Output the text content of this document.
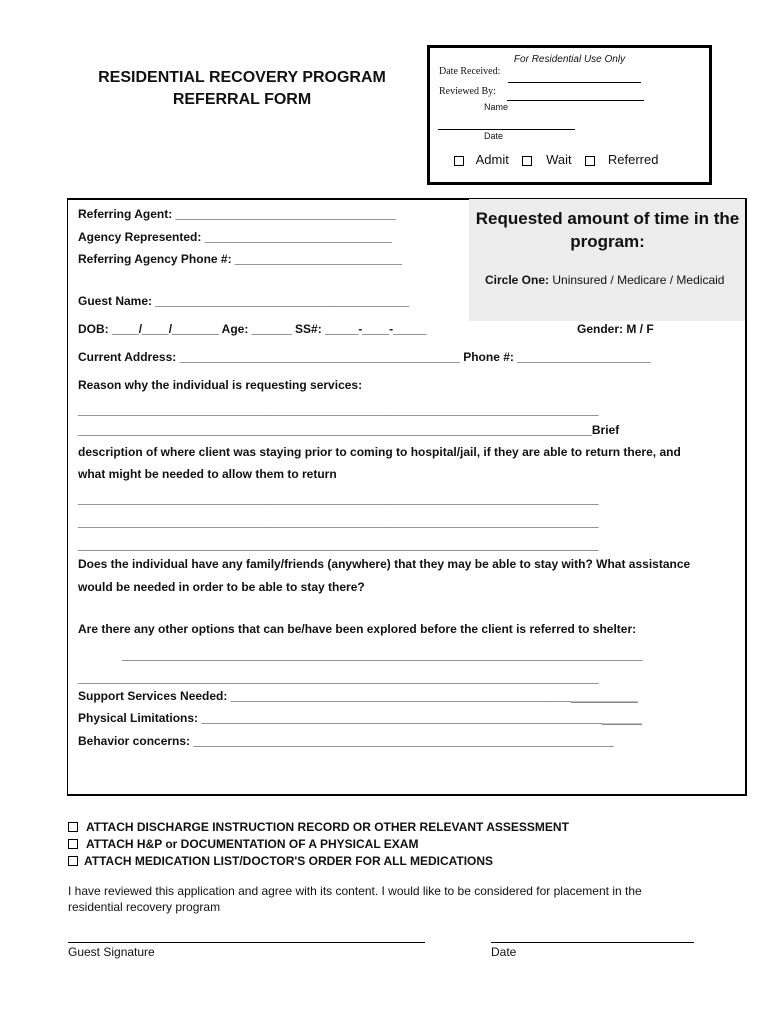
RESIDENTIAL RECOVERY PROGRAM
REFERRAL FORM
For Residential Use Only
Date Received:
Reviewed By:
Name
Date
Admit	Wait	Referred
Requested amount of time in the program:
Circle One: Uninsured / Medicare / Medicaid
Referring Agent: _________________________________
Agency Represented: ____________________________
Referring Agency Phone #: _________________________
Guest Name: ______________________________________
DOB: ____/____/_______ Age: ______ SS#: _____-____-_____	Gender: M / F
Current Address: __________________________________________ Phone #: ____________________
Reason why the individual is requesting services:
______________________________________________________________________________
_____________________________________________________________________________Brief
description of where client was staying prior to coming to hospital/jail, if they are able to return there, and
what might be needed to allow them to return
______________________________________________________________________________
______________________________________________________________________________
______________________________________________________________________________
Does the individual have any family/friends (anywhere) that they may be able to stay with? What assistance
would be needed in order to be able to stay there?
Are there any other options that can be/have been explored before the client is referred to shelter:
______________________________________________________________________________
______________________________________________________________________________
Support Services Needed: _____________________________________________________________
Physical Limitations: __________________________________________________________________
Behavior concerns: _______________________________________________________________
ATTACH DISCHARGE INSTRUCTION RECORD OR OTHER RELEVANT ASSESSMENT
ATTACH H&P or DOCUMENTATION OF A PHYSICAL EXAM
ATTACH MEDICATION LIST/DOCTOR'S ORDER FOR ALL MEDICATIONS
I have reviewed this application and agree with its content. I would like to be considered for placement in the
residential recovery program
Guest Signature	Date
